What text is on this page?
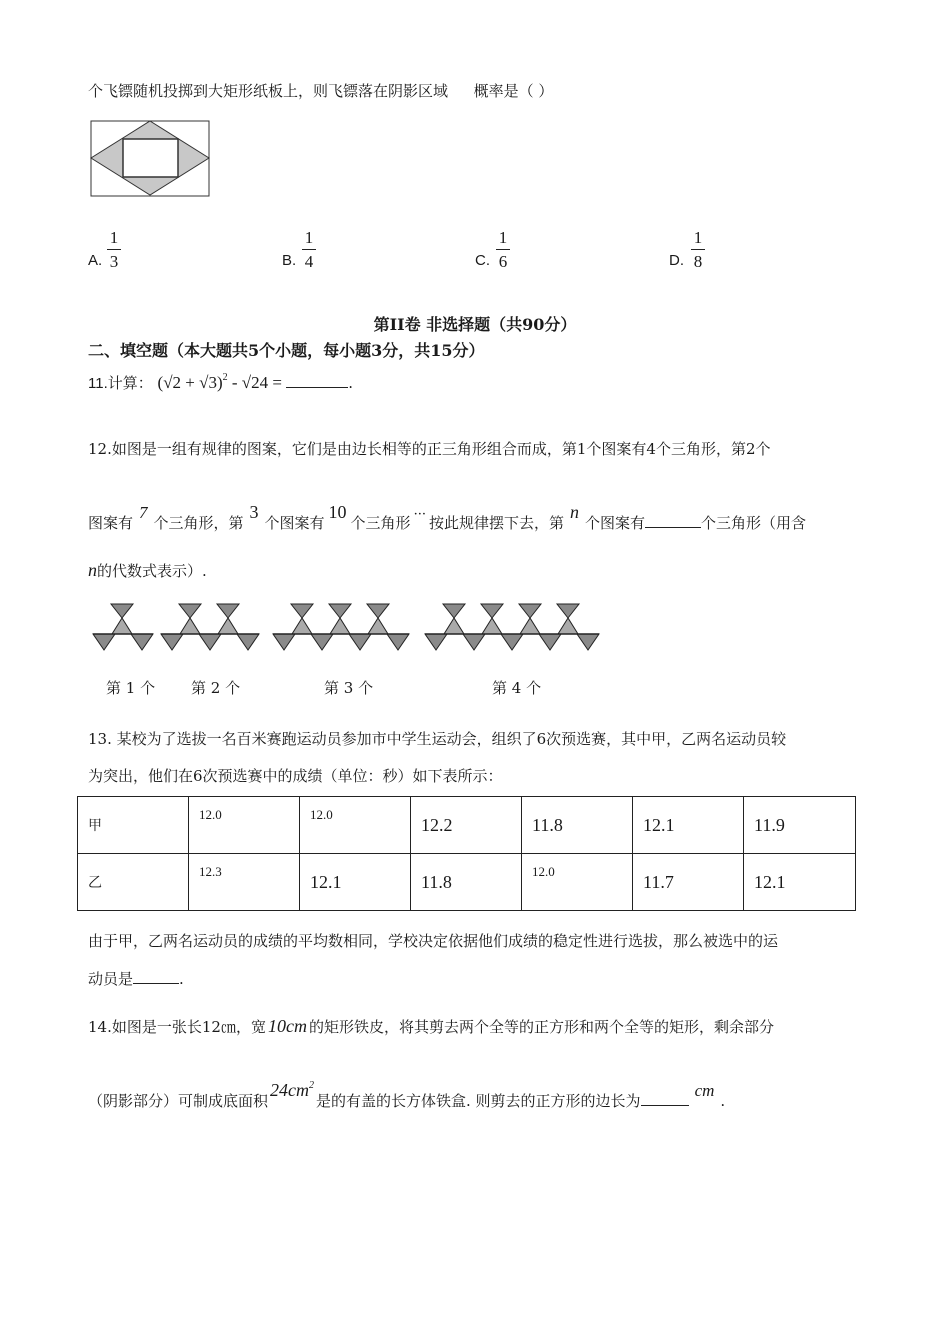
个飞镖随机投掷到大矩形纸板上，则飞镖落在阴影区域 概率是（ ）
A.
1
3	B.
1
4	C.
1
6	D.
1
8
第II卷 非选择题（共90分）
二、填空题（本大题共5个小题，每小题3分，共15分）
11.计算： $(√2 + √3)^2 - √24$ =	.
12.如图是一组有规律的图案，它们是由边长相等的正三角形组合而成，第1个图案有4个三角形，第2个
图案有7个三角形，第3个图案有10个三角形 ··· 按此规律摆下去，第n个图案有	个三角形（用含
n的代数式表示）.
第 1 个 第 2 个	第 3 个	第 4 个
13. 某校为了选拔一名百米赛跑运动员参加市中学生运动会，组织了6次预选赛，其中甲，乙两名运动员较
为突出，他们在6次预选赛中的成绩（单位：秒）如下表所示：
甲	12.0	12.0	12.2	11.8	12.1	11.9
乙	12.3	12.1	11.8	12.0	11.7	12.1
由于甲，乙两名运动员的成绩的平均数相同，学校决定依据他们成绩的稳定性进行选拔，那么被选中的运
动员是	.
14.如图是一张长12㎝，宽 10cm 的矩形铁皮，将其剪去两个全等的正方形和两个全等的矩形，剩余部分
（阴影部分）可制成底面积$24cm^2$是的有盖的长方体铁盒. 则剪去的正方形的边长为cm.
